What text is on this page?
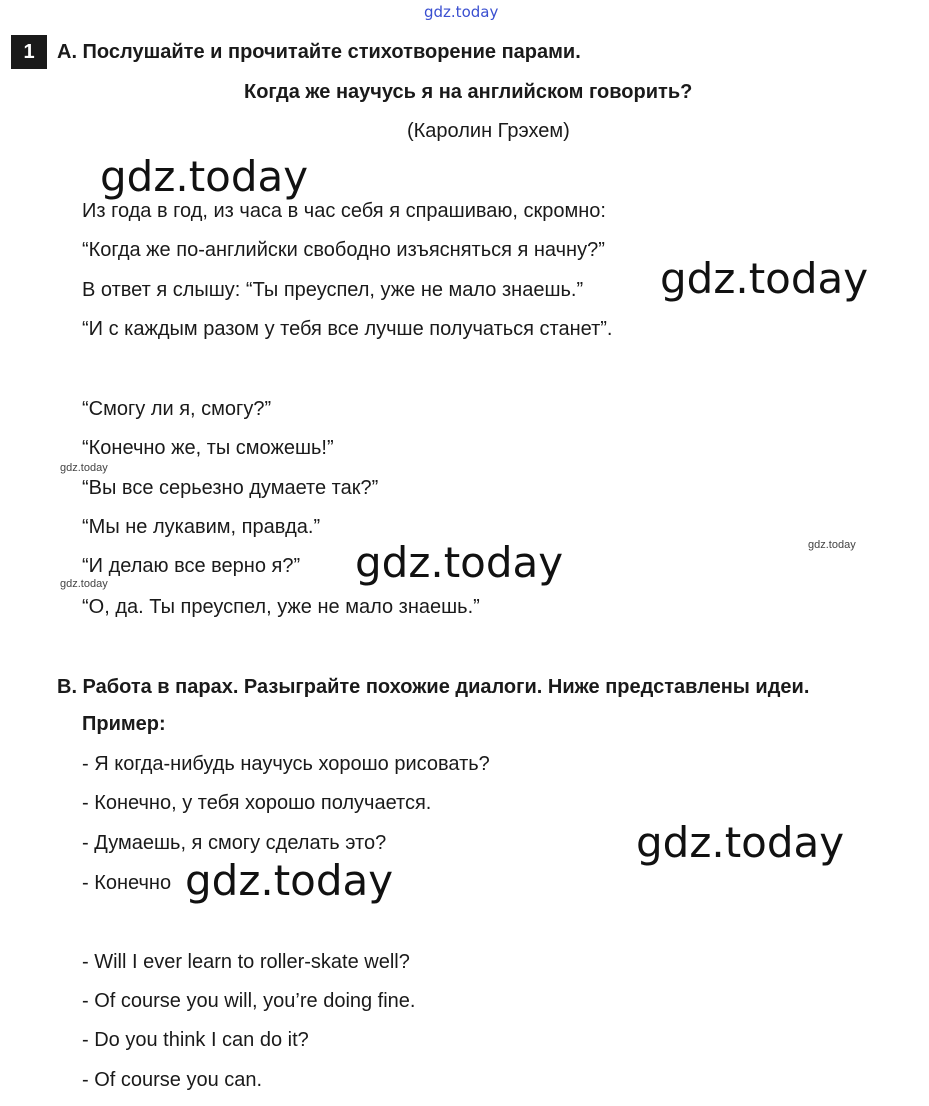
gdz.today
1	A. Послушайте и прочитайте стихотворение парами.
Когда же научусь я на английском говорить?
(Каролин Грэхем)
Из года в год, из часа в час себя я спрашиваю, скромно:
“Когда же по-английски свободно изъясняться я начну?”
В ответ я слышу: “Ты преуспел, уже не мало знаешь.”
“И с каждым разом у тебя все лучше получаться станет”.
“Смогу ли я, смогу?”
“Конечно же, ты сможешь!”
“Вы все серьезно думаете так?”
“Мы не лукавим, правда.”
“И делаю все верно я?”
“О, да. Ты преуспел, уже не мало знаешь.”
B. Работа в парах. Разыграйте похожие диалоги. Ниже представлены идеи.
Пример:
- Я когда-нибудь научусь хорошо рисовать?
- Конечно, у тебя хорошо получается.
- Думаешь, я смогу сделать это?
- Конечно
- Will I ever learn to roller-skate well?
- Of course you will, you’re doing fine.
- Do you think I can do it?
- Of course you can.
gdz.today
gdz.today
gdz.today
gdz.today
gdz.today
gdz.today
gdz.today
gdz.today
